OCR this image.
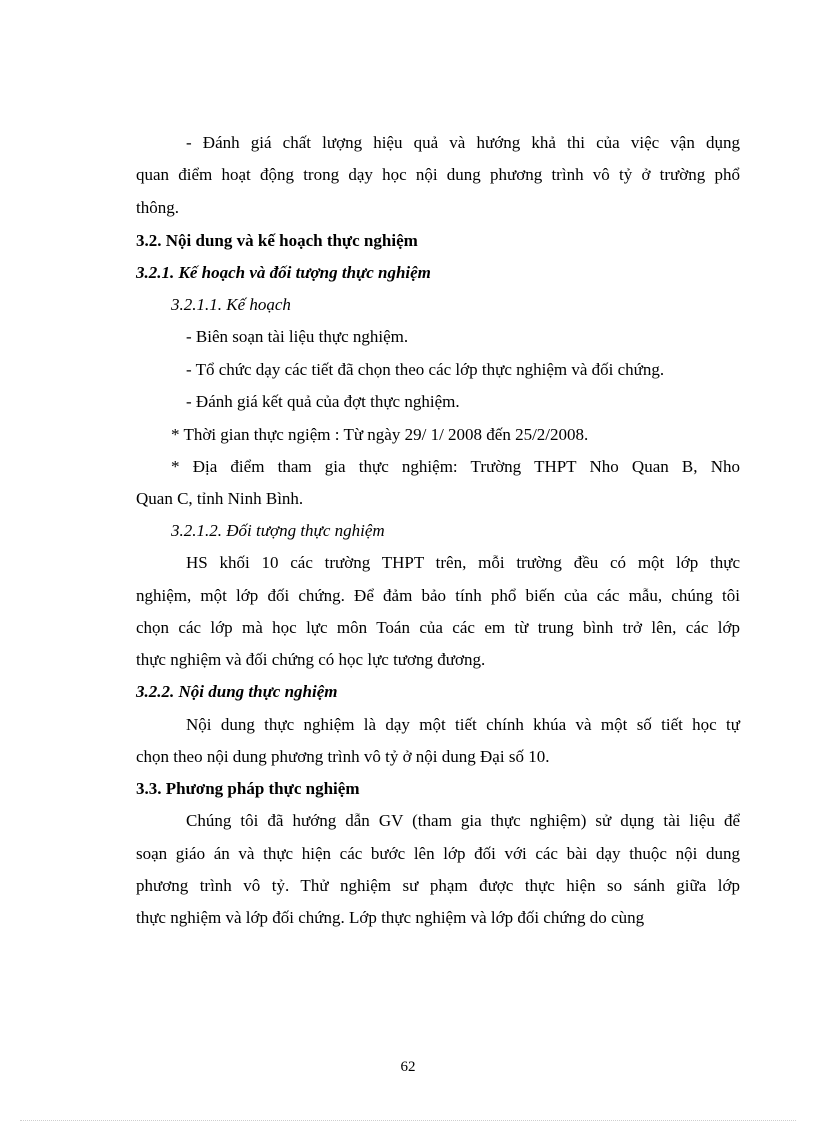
- Đánh giá chất lượng hiệu quả và hướng khả thi của việc vận dụng
quan điểm hoạt động trong dạy học nội dung phương trình vô tỷ ở trường phổ
thông.
3.2. Nội dung và kế hoạch thực nghiệm
3.2.1. Kế hoạch và đối tượng thực nghiệm
3.2.1.1. Kế hoạch
- Biên soạn tài liệu thực nghiệm.
- Tổ chức dạy các tiết đã chọn theo các lớp thực nghiệm và đối chứng.
- Đánh giá kết quả của đợt thực nghiệm.
* Thời gian thực ngiệm : Từ ngày 29/ 1/ 2008 đến 25/2/2008.
* Địa điểm tham gia thực nghiệm: Trường THPT Nho Quan B, Nho
Quan C, tỉnh Ninh Bình.
3.2.1.2. Đối tượng thực nghiệm
HS khối 10 các trường THPT trên, mỗi trường đều có một lớp thực
nghiệm, một lớp đối chứng. Để đảm bảo tính phổ biến của các mẫu, chúng tôi
chọn các lớp mà học lực môn Toán của các em từ trung bình trở lên, các lớp
thực nghiệm và đối chứng có học lực tương đương.
3.2.2. Nội dung thực nghiệm
Nội dung thực nghiệm là dạy một tiết chính khúa và một số tiết học tự
chọn theo nội dung phương trình vô tỷ ở nội dung Đại số 10.
3.3. Phương pháp thực nghiệm
Chúng tôi đã hướng dẫn GV (tham gia thực nghiệm) sử dụng tài liệu để
soạn giáo án và thực hiện các bước lên lớp đối với các bài dạy thuộc nội dung
phương trình vô tỷ. Thử nghiệm sư phạm được thực hiện so sánh giữa lớp
thực nghiệm và lớp đối chứng. Lớp thực nghiệm và lớp đối chứng do cùng
62
